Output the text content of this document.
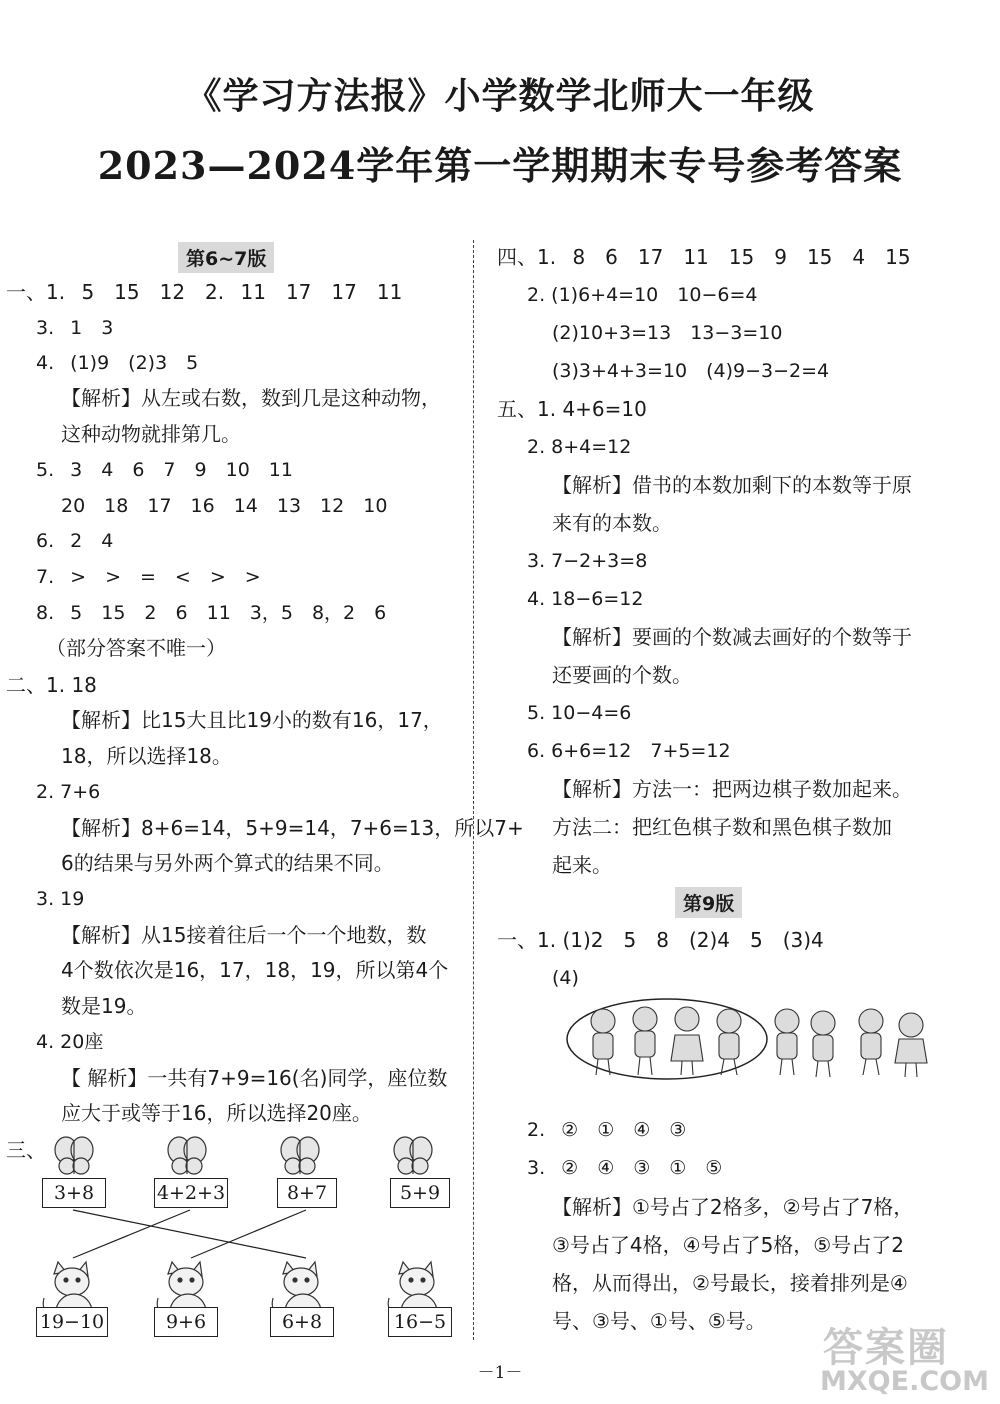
《学习方法报》小学数学北师大一年级
2023—2024学年第一学期期末专号参考答案
第6~7版
一、1. 5　15　12　2. 11　17　17　11
3. 1　3
4. (1)9　(2)3　5
【解析】从左或右数，数到几是这种动物，
这种动物就排第几。
5. 3　4　6　7　9　10　11
20　18　17　16　14　13　12　10
6. 2　4
7. >　>　=　<　>　>
8. 5　15　2　6　11　3，5　8，2　6
（部分答案不唯一）
二、1. 18
【解析】比15大且比19小的数有16，17，
18，所以选择18。
2. 7+6
【解析】8+6=14，5+9=14，7+6=13，所以7+
6的结果与另外两个算式的结果不同。
3. 19
【解析】从15接着往后一个一个地数，数
4个数依次是16，17，18，19，所以第4个
数是19。
4. 20座
【 解析】一共有7+9=16(名)同学，座位数
应大于或等于16，所以选择20座。
三、
3+8	4+2+3	8+7	5+9
19−10	9+6	6+8	16−5
四、1. 8　6　17　11　15　9　15　4　15
2. (1)6+4=10　10−6=4
(2)10+3=13　13−3=10
(3)3+4+3=10　(4)9−3−2=4
五、1. 4+6=10
2. 8+4=12
【解析】借书的本数加剩下的本数等于原
来有的本数。
3. 7−2+3=8
4. 18−6=12
【解析】要画的个数减去画好的个数等于
还要画的个数。
5. 10−4=6
6. 6+6=12　7+5=12
【解析】方法一：把两边棋子数加起来。
方法二：把红色棋子数和黑色棋子数加
起来。
第9版
一、1. (1)2　5　8　(2)4　5　(3)4
(4)
2. ②　①　④　③
3. ②　④　③　①　⑤
【解析】①号占了2格多，②号占了7格，
③号占了4格，④号占了5格，⑤号占了2
格，从而得出，②号最长，接着排列是④
号、③号、①号、⑤号。
－1－
答案圈
MXQE.COM
